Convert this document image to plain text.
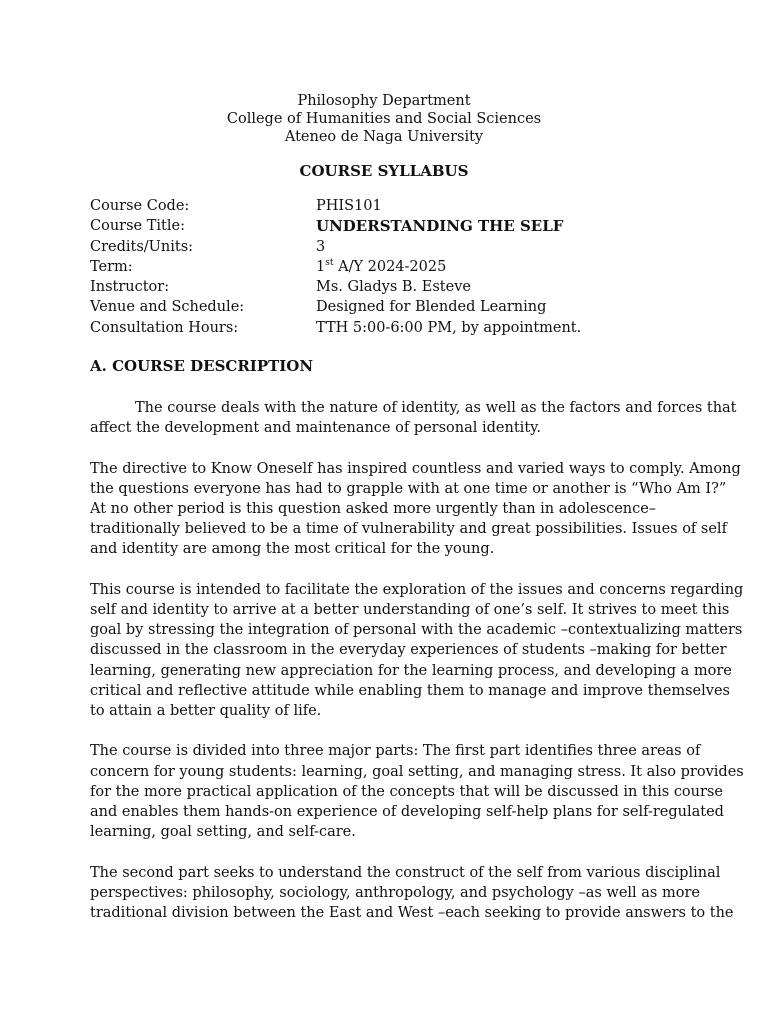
Philosophy Department
College of Humanities and Social Sciences
Ateneo de Naga University
COURSE SYLLABUS
Course Code:	PHIS101
Course Title:	UNDERSTANDING THE SELF
Credits/Units:	3
Term:	1st A/Y 2024-2025
Instructor:	Ms. Gladys B. Esteve
Venue and Schedule:	Designed for Blended Learning
Consultation Hours:	TTH 5:00-6:00 PM, by appointment.
A. COURSE DESCRIPTION

The course deals with the nature of identity, as well as the factors and forces that
affect the development and maintenance of personal identity.

The directive to Know Oneself has inspired countless and varied ways to comply. Among
the questions everyone has had to grapple with at one time or another is “Who Am I?”
At no other period is this question asked more urgently than in adolescence–
traditionally believed to be a time of vulnerability and great possibilities. Issues of self
and identity are among the most critical for the young.

This course is intended to facilitate the exploration of the issues and concerns regarding
self and identity to arrive at a better understanding of one’s self. It strives to meet this
goal by stressing the integration of personal with the academic –contextualizing matters
discussed in the classroom in the everyday experiences of students –making for better
learning, generating new appreciation for the learning process, and developing a more
critical and reflective attitude while enabling them to manage and improve themselves
to attain a better quality of life.

The course is divided into three major parts: The first part identifies three areas of
concern for young students: learning, goal setting, and managing stress. It also provides
for the more practical application of the concepts that will be discussed in this course
and enables them hands-on experience of developing self-help plans for self-regulated
learning, goal setting, and self-care.

The second part seeks to understand the construct of the self from various disciplinal
perspectives: philosophy, sociology, anthropology, and psychology –as well as more
traditional division between the East and West –each seeking to provide answers to the
